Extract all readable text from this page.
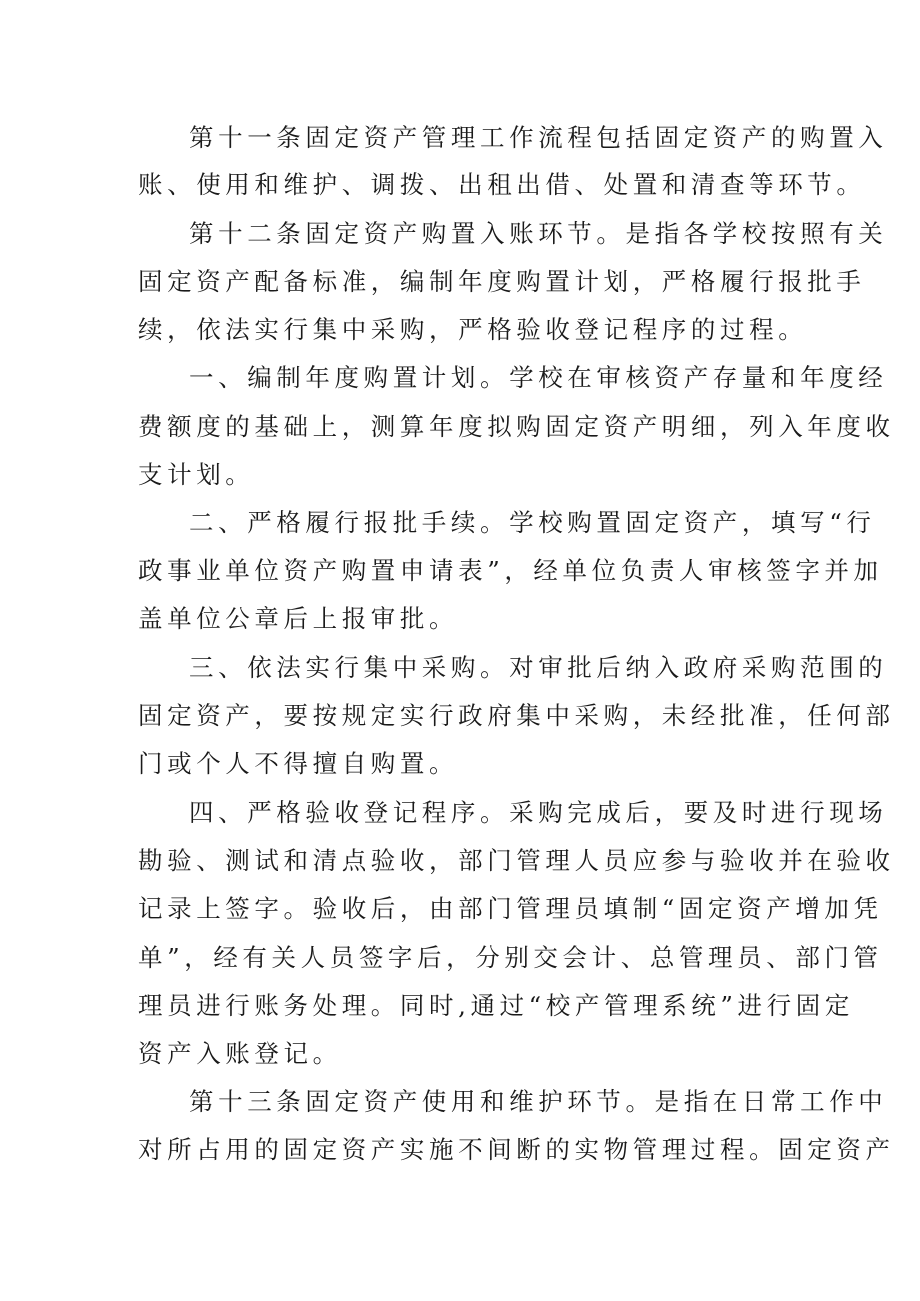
第十一条固定资产管理工作流程包括固定资产的购置入
账、使用和维护、调拨、出租出借、处置和清查等环节。
第十二条固定资产购置入账环节。是指各学校按照有关
固定资产配备标准，编制年度购置计划，严格履行报批手
续，依法实行集中采购，严格验收登记程序的过程。
一、编制年度购置计划。学校在审核资产存量和年度经
费额度的基础上，测算年度拟购固定资产明细，列入年度收
支计划。
二、严格履行报批手续。学校购置固定资产，填写“行
政事业单位资产购置申请表”，经单位负责人审核签字并加
盖单位公章后上报审批。
三、依法实行集中采购。对审批后纳入政府采购范围的
固定资产，要按规定实行政府集中采购，未经批准，任何部
门或个人不得擅自购置。
四、严格验收登记程序。采购完成后，要及时进行现场
勘验、测试和清点验收，部门管理人员应参与验收并在验收
记录上签字。验收后，由部门管理员填制“固定资产增加凭
单”，经有关人员签字后，分别交会计、总管理员、部门管
理员进行账务处理。同时,通过“校产管理系统”进行固定
资产入账登记。
第十三条固定资产使用和维护环节。是指在日常工作中
对所占用的固定资产实施不间断的实物管理过程。固定资产
